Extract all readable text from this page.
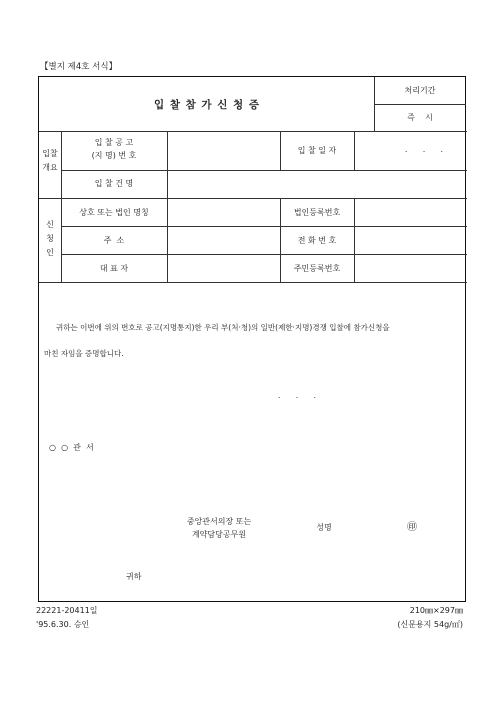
【별지 제4호 서식】
입 찰 참 가 신 청 증
처리기간
즉    시
입찰
개요
입 찰 공 고
(지 명) 번 호
입 찰 일 자	.      .      .
입 찰 건 명
신
청
인
상호 또는 법인 명칭	법인등록번호
주  소	전 화 번 호
대 표 자	주민등록번호
귀하는 이번에 위의 번호로 공고(지명통지)한 우리 부(처·청)의 일반(제한·지명)경쟁 입찰에 참가신청을
마친 자임을 증명합니다.
.      .      .
○  ○  관  서
중앙관서의장 또는
계약담당공무원
성명	㊞
귀하
22221-20411일
'95.6.30. 승인
210㎜×297㎜
(신문용지 54g/㎡)
